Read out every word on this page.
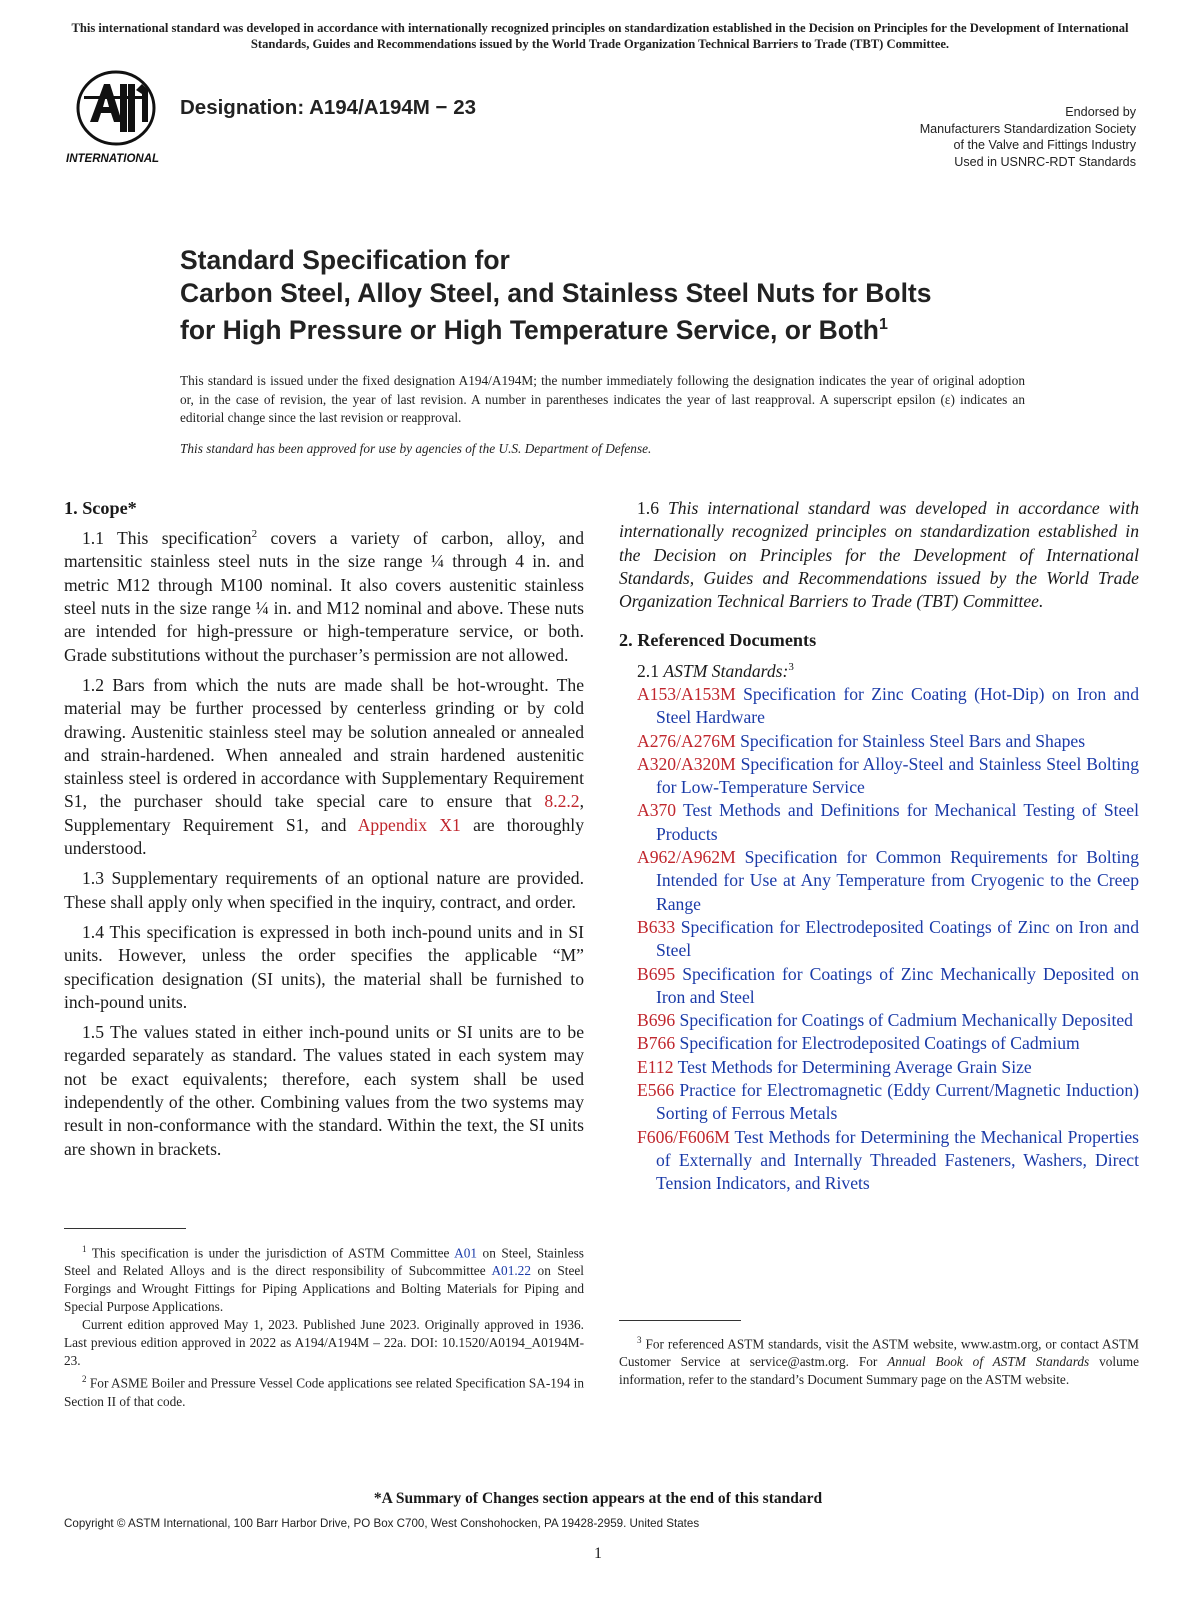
This international standard was developed in accordance with internationally recognized principles on standardization established in the Decision on Principles for the Development of International Standards, Guides and Recommendations issued by the World Trade Organization Technical Barriers to Trade (TBT) Committee.
INTERNATIONAL
Designation: A194/A194M − 23	Endorsed by
Manufacturers Standardization Society
of the Valve and Fittings Industry
Used in USNRC-RDT Standards
Standard Specification for
Carbon Steel, Alloy Steel, and Stainless Steel Nuts for Bolts
for High Pressure or High Temperature Service, or Both$^1$
This standard is issued under the fixed designation A194/A194M; the number immediately following the designation indicates the year of original adoption or, in the case of revision, the year of last revision. A number in parentheses indicates the year of last reapproval. A superscript epsilon (ε) indicates an editorial change since the last revision or reapproval.
This standard has been approved for use by agencies of the U.S. Department of Defense.
1. Scope*

1.1 This specification$^2$ covers a variety of carbon, alloy, and martensitic stainless steel nuts in the size range ¼ through 4 in. and metric M12 through M100 nominal. It also covers austenitic stainless steel nuts in the size range ¼ in. and M12 nominal and above. These nuts are intended for high-pressure or high-temperature service, or both. Grade substitutions without the purchaser’s permission are not allowed.

1.2 Bars from which the nuts are made shall be hot-wrought. The material may be further processed by centerless grinding or by cold drawing. Austenitic stainless steel may be solution annealed or annealed and strain-hardened. When annealed and strain hardened austenitic stainless steel is ordered in accordance with Supplementary Requirement S1, the purchaser should take special care to ensure that 8.2.2, Supplementary Requirement S1, and Appendix X1 are thoroughly understood.

1.3 Supplementary requirements of an optional nature are provided. These shall apply only when specified in the inquiry, contract, and order.

1.4 This specification is expressed in both inch-pound units and in SI units. However, unless the order specifies the applicable “M” specification designation (SI units), the material shall be furnished to inch-pound units.

1.5 The values stated in either inch-pound units or SI units are to be regarded separately as standard. The values stated in each system may not be exact equivalents; therefore, each system shall be used independently of the other. Combining values from the two systems may result in non-conformance with the standard. Within the text, the SI units are shown in brackets.

$^1$ This specification is under the jurisdiction of ASTM Committee A01 on Steel, Stainless Steel and Related Alloys and is the direct responsibility of Subcommittee A01.22 on Steel Forgings and Wrought Fittings for Piping Applications and Bolting Materials for Piping and Special Purpose Applications.

Current edition approved May 1, 2023. Published June 2023. Originally approved in 1936. Last previous edition approved in 2022 as A194/A194M – 22a. DOI: 10.1520/A0194_A0194M-23.

$^2$ For ASME Boiler and Pressure Vessel Code applications see related Specification SA-194 in Section II of that code.

1.6 This international standard was developed in accordance with internationally recognized principles on standardization established in the Decision on Principles for the Development of International Standards, Guides and Recommendations issued by the World Trade Organization Technical Barriers to Trade (TBT) Committee.

2. Referenced Documents

2.1 ASTM Standards:$^3$

A153/A153M Specification for Zinc Coating (Hot-Dip) on Iron and Steel Hardware

A276/A276M Specification for Stainless Steel Bars and Shapes

A320/A320M Specification for Alloy-Steel and Stainless Steel Bolting for Low-Temperature Service

A370 Test Methods and Definitions for Mechanical Testing of Steel Products

A962/A962M Specification for Common Requirements for Bolting Intended for Use at Any Temperature from Cryogenic to the Creep Range

B633 Specification for Electrodeposited Coatings of Zinc on Iron and Steel

B695 Specification for Coatings of Zinc Mechanically Deposited on Iron and Steel

B696 Specification for Coatings of Cadmium Mechanically Deposited

B766 Specification for Electrodeposited Coatings of Cadmium

E112 Test Methods for Determining Average Grain Size

E566 Practice for Electromagnetic (Eddy Current/Magnetic Induction) Sorting of Ferrous Metals

F606/F606M Test Methods for Determining the Mechanical Properties of Externally and Internally Threaded Fasteners, Washers, Direct Tension Indicators, and Rivets

$^3$ For referenced ASTM standards, visit the ASTM website, www.astm.org, or contact ASTM Customer Service at service@astm.org. For Annual Book of ASTM Standards volume information, refer to the standard’s Document Summary page on the ASTM website.

*A Summary of Changes section appears at the end of this standard
Copyright © ASTM International, 100 Barr Harbor Drive, PO Box C700, West Conshohocken, PA 19428-2959. United States
1
